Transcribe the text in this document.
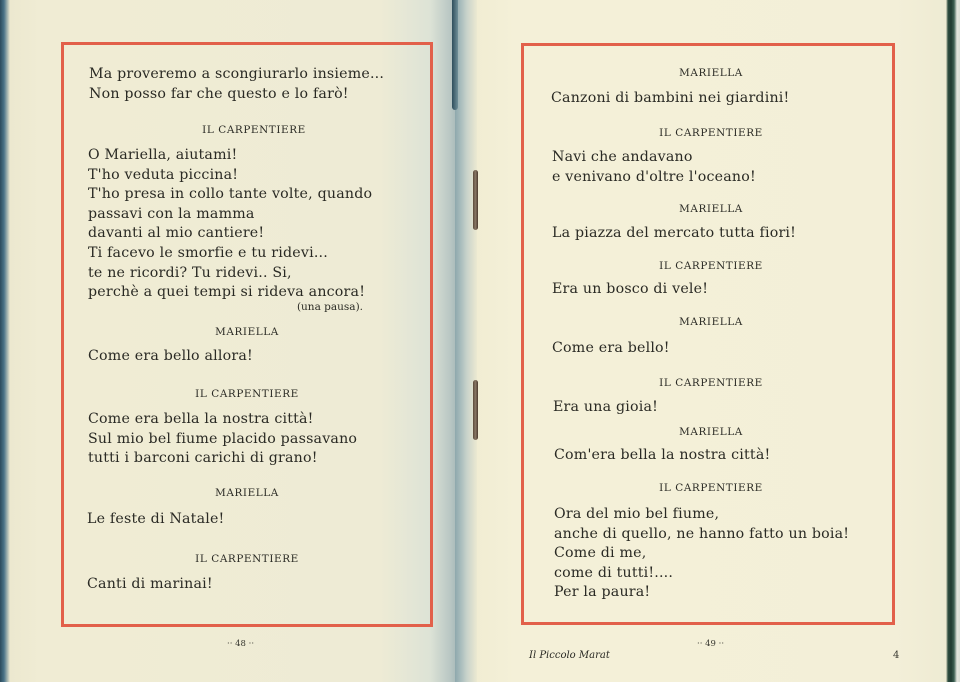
Ma proveremo a scongiurarlo insieme...
Non posso far che questo e lo farò!
IL CARPENTIERE
O Mariella, aiutami!
T'ho veduta piccina!
T'ho presa in collo tante volte, quando
passavi con la mamma
davanti al mio cantiere!
Ti facevo le smorfie e tu ridevi...
te ne ricordi? Tu ridevi.. Si,
perchè a quei tempi si rideva ancora!
(una pausa).
MARIELLA
Come era bello allora!
IL CARPENTIERE
Come era bella la nostra città!
Sul mio bel fiume placido passavano
tutti i barconi carichi di grano!
MARIELLA
Le feste di Natale!
IL CARPENTIERE
Canti di marinai!
·· 48 ··
MARIELLA
Canzoni di bambini nei giardini!
IL CARPENTIERE
Navi che andavano
e venivano d'oltre l'oceano!
MARIELLA
La piazza del mercato tutta fiori!
IL CARPENTIERE
Era un bosco di vele!
MARIELLA
Come era bello!
IL CARPENTIERE
Era una gioia!
MARIELLA
Com'era bella la nostra città!
IL CARPENTIERE
Ora del mio bel fiume,
anche di quello, ne hanno fatto un boia!
Come di me,
come di tutti!....
Per la paura!
·· 49 ··
Il Piccolo Marat	4
